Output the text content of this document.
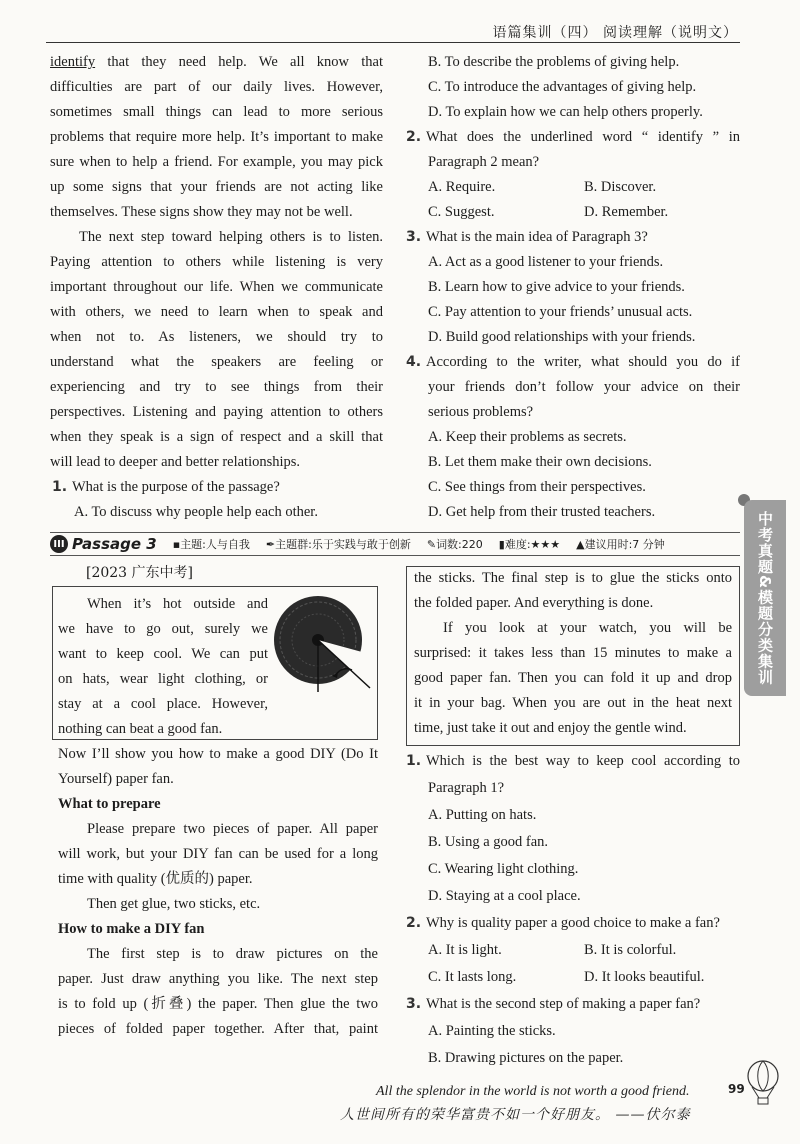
语篇集训（四） 阅读理解（说明文）

identify that they need help. We all know that

difficulties are part of our daily lives. However,

sometimes small things can lead to more serious

problems that require more help. It’s important to make

sure when to help a friend. For example, you may pick

up some signs that your friends are not acting like

themselves. These signs show they may not be well.

The next step toward helping others is to listen.

Paying attention to others while listening is very

important throughout our life. When we communicate

with others, we need to learn when to speak and

when not to. As listeners, we should try to

understand what the speakers are feeling or

experiencing and try to see things from their

perspectives. Listening and paying attention to others

when they speak is a sign of respect and a skill that

will lead to deeper and better relationships.

1. What is the purpose of the passage?

A. To discuss why people help each other.

B. To describe the problems of giving help.

C. To introduce the advantages of giving help.

D. To explain how we can help others properly.

2. What does the underlined word “ identify ” in

Paragraph 2 mean?

A. Require.	B. Discover.

C. Suggest.	D. Remember.

3. What is the main idea of Paragraph 3?

A. Act as a good listener to your friends.

B. Learn how to give advice to your friends.

C. Pay attention to your friends’ unusual acts.

D. Build good relationships with your friends.

4. According to the writer, what should you do if

your friends don’t follow your advice on their

serious problems?

A. Keep their problems as secrets.

B. Let them make their own decisions.

C. See things from their perspectives.

D. Get help from their trusted teachers.	中考真题&模题分类集训
III Passage 3 ▪主题:人与自我 ✒主题群:乐于实践与敢于创新 ✎词数:220 ▮难度:★★★ ▲建议用时:7 分钟
[2023 广东中考]

When it’s hot outside and

we have to go out, surely we

want to keep cool. We can put

on hats, wear light clothing, or

stay at a cool place. However,

nothing can beat a good fan.

Now I’ll show you how to make a good DIY (Do It

Yourself) paper fan.

What to prepare

Please prepare two pieces of paper. All paper

will work, but your DIY fan can be used for a long

time with quality (优质的) paper.

Then get glue, two sticks, etc.

How to make a DIY fan

The first step is to draw pictures on the

paper. Just draw anything you like. The next step

is to fold up (折叠) the paper. Then glue the two

pieces of folded paper together. After that, paint

the sticks. The final step is to glue the sticks onto

the folded paper. And everything is done.

If you look at your watch, you will be

surprised: it takes less than 15 minutes to make a

good paper fan. Then you can fold it up and drop

it in your bag. When you are out in the heat next

time, just take it out and enjoy the gentle wind.

1. Which is the best way to keep cool according to

Paragraph 1?

A. Putting on hats.

B. Using a good fan.

C. Wearing light clothing.

D. Staying at a cool place.

2. Why is quality paper a good choice to make a fan?

A. It is light.	B. It is colorful.

C. It lasts long.	D. It looks beautiful.

3. What is the second step of making a paper fan?

A. Painting the sticks.

B. Drawing pictures on the paper.

All the splendor in the world is not worth a good friend.
人世间所有的荣华富贵不如一个好朋友。 ——伏尔泰
99
